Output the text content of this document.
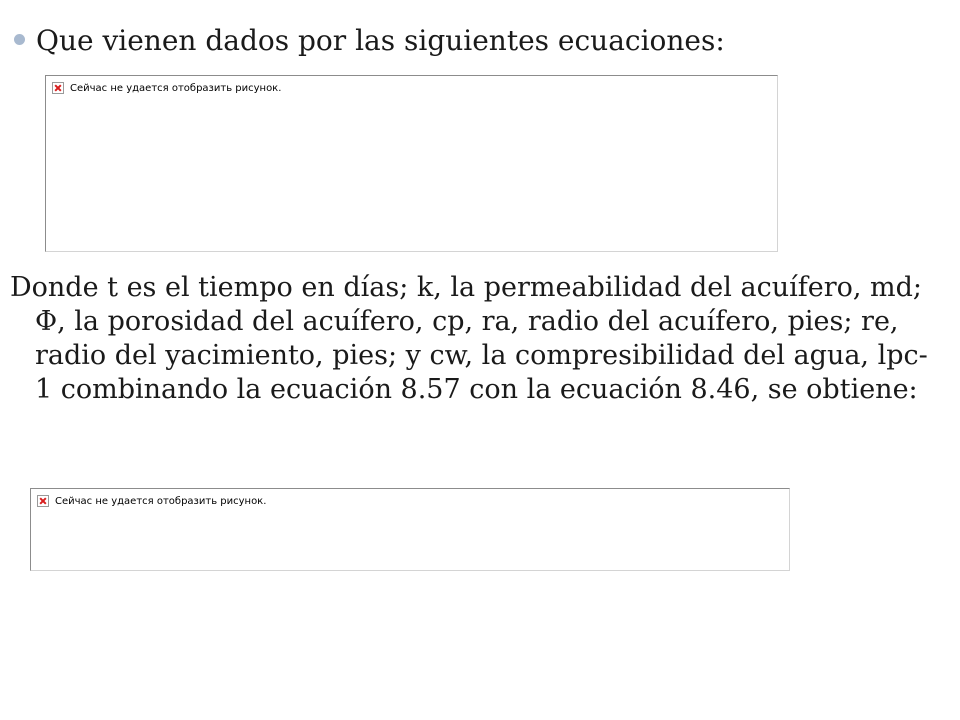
Que vienen dados por las siguientes ecuaciones:
Сейчас не удается отобразить рисунок.
Donde t es el tiempo en días; k, la permeabilidad del acuífero, md; Φ, la porosidad del acuífero, cp, ra, radio del acuífero, pies; re, radio del yacimiento, pies; y cw, la compresibilidad del agua, lpc-1 combinando la ecuación 8.57 con la ecuación 8.46, se obtiene:
Сейчас не удается отобразить рисунок.
